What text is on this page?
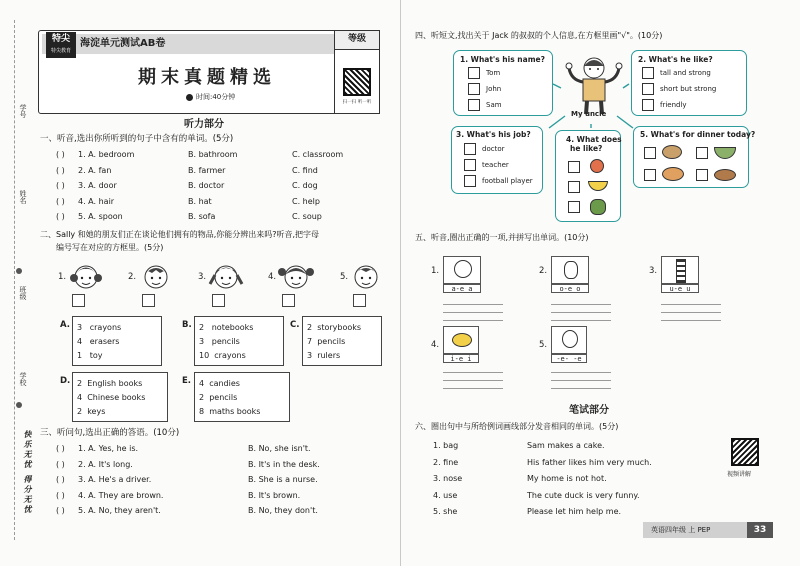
学号
姓名
班级
学校
快乐无忧 得分无忧
特尖
特尖教育
海淀单元测试AB卷	等级
扫一扫 听一听
期末真题精选
时间:40分钟
听力部分
一、听音,选出你所听到的句子中含有的单词。(5分)
( ) 1. A. bedroom	B. bathroom	C. classroom
( ) 2. A. fan	B. farmer	C. find
( ) 3. A. door	B. doctor	C. dog
( ) 4. A. hair	B. hat	C. help
( ) 5. A. spoon	B. sofa	C. soup
二、Sally 和她的朋友们正在谈论他们拥有的物品,你能分辨出来吗?听音,把字母
编号写在对应的方框里。(5分)
1.	2.	3.	4.	5.
A. 3 crayons
4 erasers
1 toy
B. 2 notebooks
3 pencils
10 crayons
C. 2 storybooks
7 pencils
3 rulers
D. 2 English books
4 Chinese books
2 keys
E. 4 candies
2 pencils
8 maths books
三、听问句,选出正确的答语。(10分)
( ) 1. A. Yes, he is.	B. No, she isn't.
( ) 2. A. It's long.	B. It's in the desk.
( ) 3. A. He's a driver.	B. She is a nurse.
( ) 4. A. They are brown.	B. It's brown.
( ) 5. A. No, they aren't.	B. No, they don't.
四、听短文,找出关于 Jack 的叔叔的个人信息,在方框里画"√"。(10分)
1. What's his name?
Tom
John
Sam
2. What's he like?
tall and strong
short but strong
friendly
My uncle
3. What's his job?
doctor
teacher
football player
4. What does
he like?
5. What's for dinner today?
五、听音,圈出正确的一项,并拼写出单词。(10分)
1.
a-e a
2.
o-e o
3.
u-e u
4.
i-e i
5.
-e- -e
笔试部分
六、圈出句中与所给例词画线部分发音相同的单词。(5分)
1. bag	Sam makes a cake.
2. fine	His father likes him very much.
3. nose	My home is not hot.
4. use	The cute duck is very funny.
5. she	Please let him help me.
视频讲解
英语四年级 上 PEP	33
